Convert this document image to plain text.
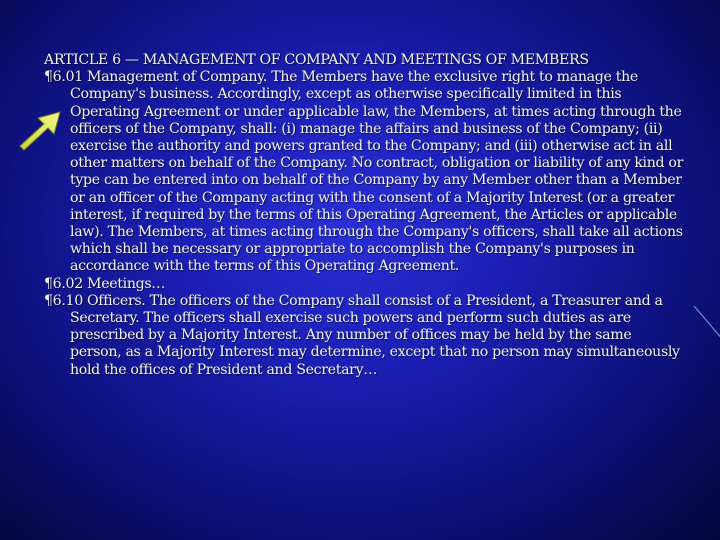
ARTICLE 6 — MANAGEMENT OF COMPANY AND MEETINGS OF MEMBERS

¶6.01 Management of Company. The Members have the exclusive right to manage the Company's business. Accordingly, except as otherwise specifically limited in this Operating Agreement or under applicable law, the Members, at times acting through the officers of the Company, shall: (i) manage the affairs and business of the Company; (ii) exercise the authority and powers granted to the Company; and (iii) otherwise act in all other matters on behalf of the Company. No contract, obligation or liability of any kind or type can be entered into on behalf of the Company by any Member other than a Member or an officer of the Company acting with the consent of a Majority Interest (or a greater interest, if required by the terms of this Operating Agreement, the Articles or applicable law). The Members, at times acting through the Company's officers, shall take all actions which shall be necessary or appropriate to accomplish the Company's purposes in accordance with the terms of this Operating Agreement.

¶6.02 Meetings…

¶6.10 Officers. The officers of the Company shall consist of a President, a Treasurer and a Secretary. The officers shall exercise such powers and perform such duties as are prescribed by a Majority Interest. Any number of offices may be held by the same person, as a Majority Interest may determine, except that no person may simultaneously hold the offices of President and Secretary…
